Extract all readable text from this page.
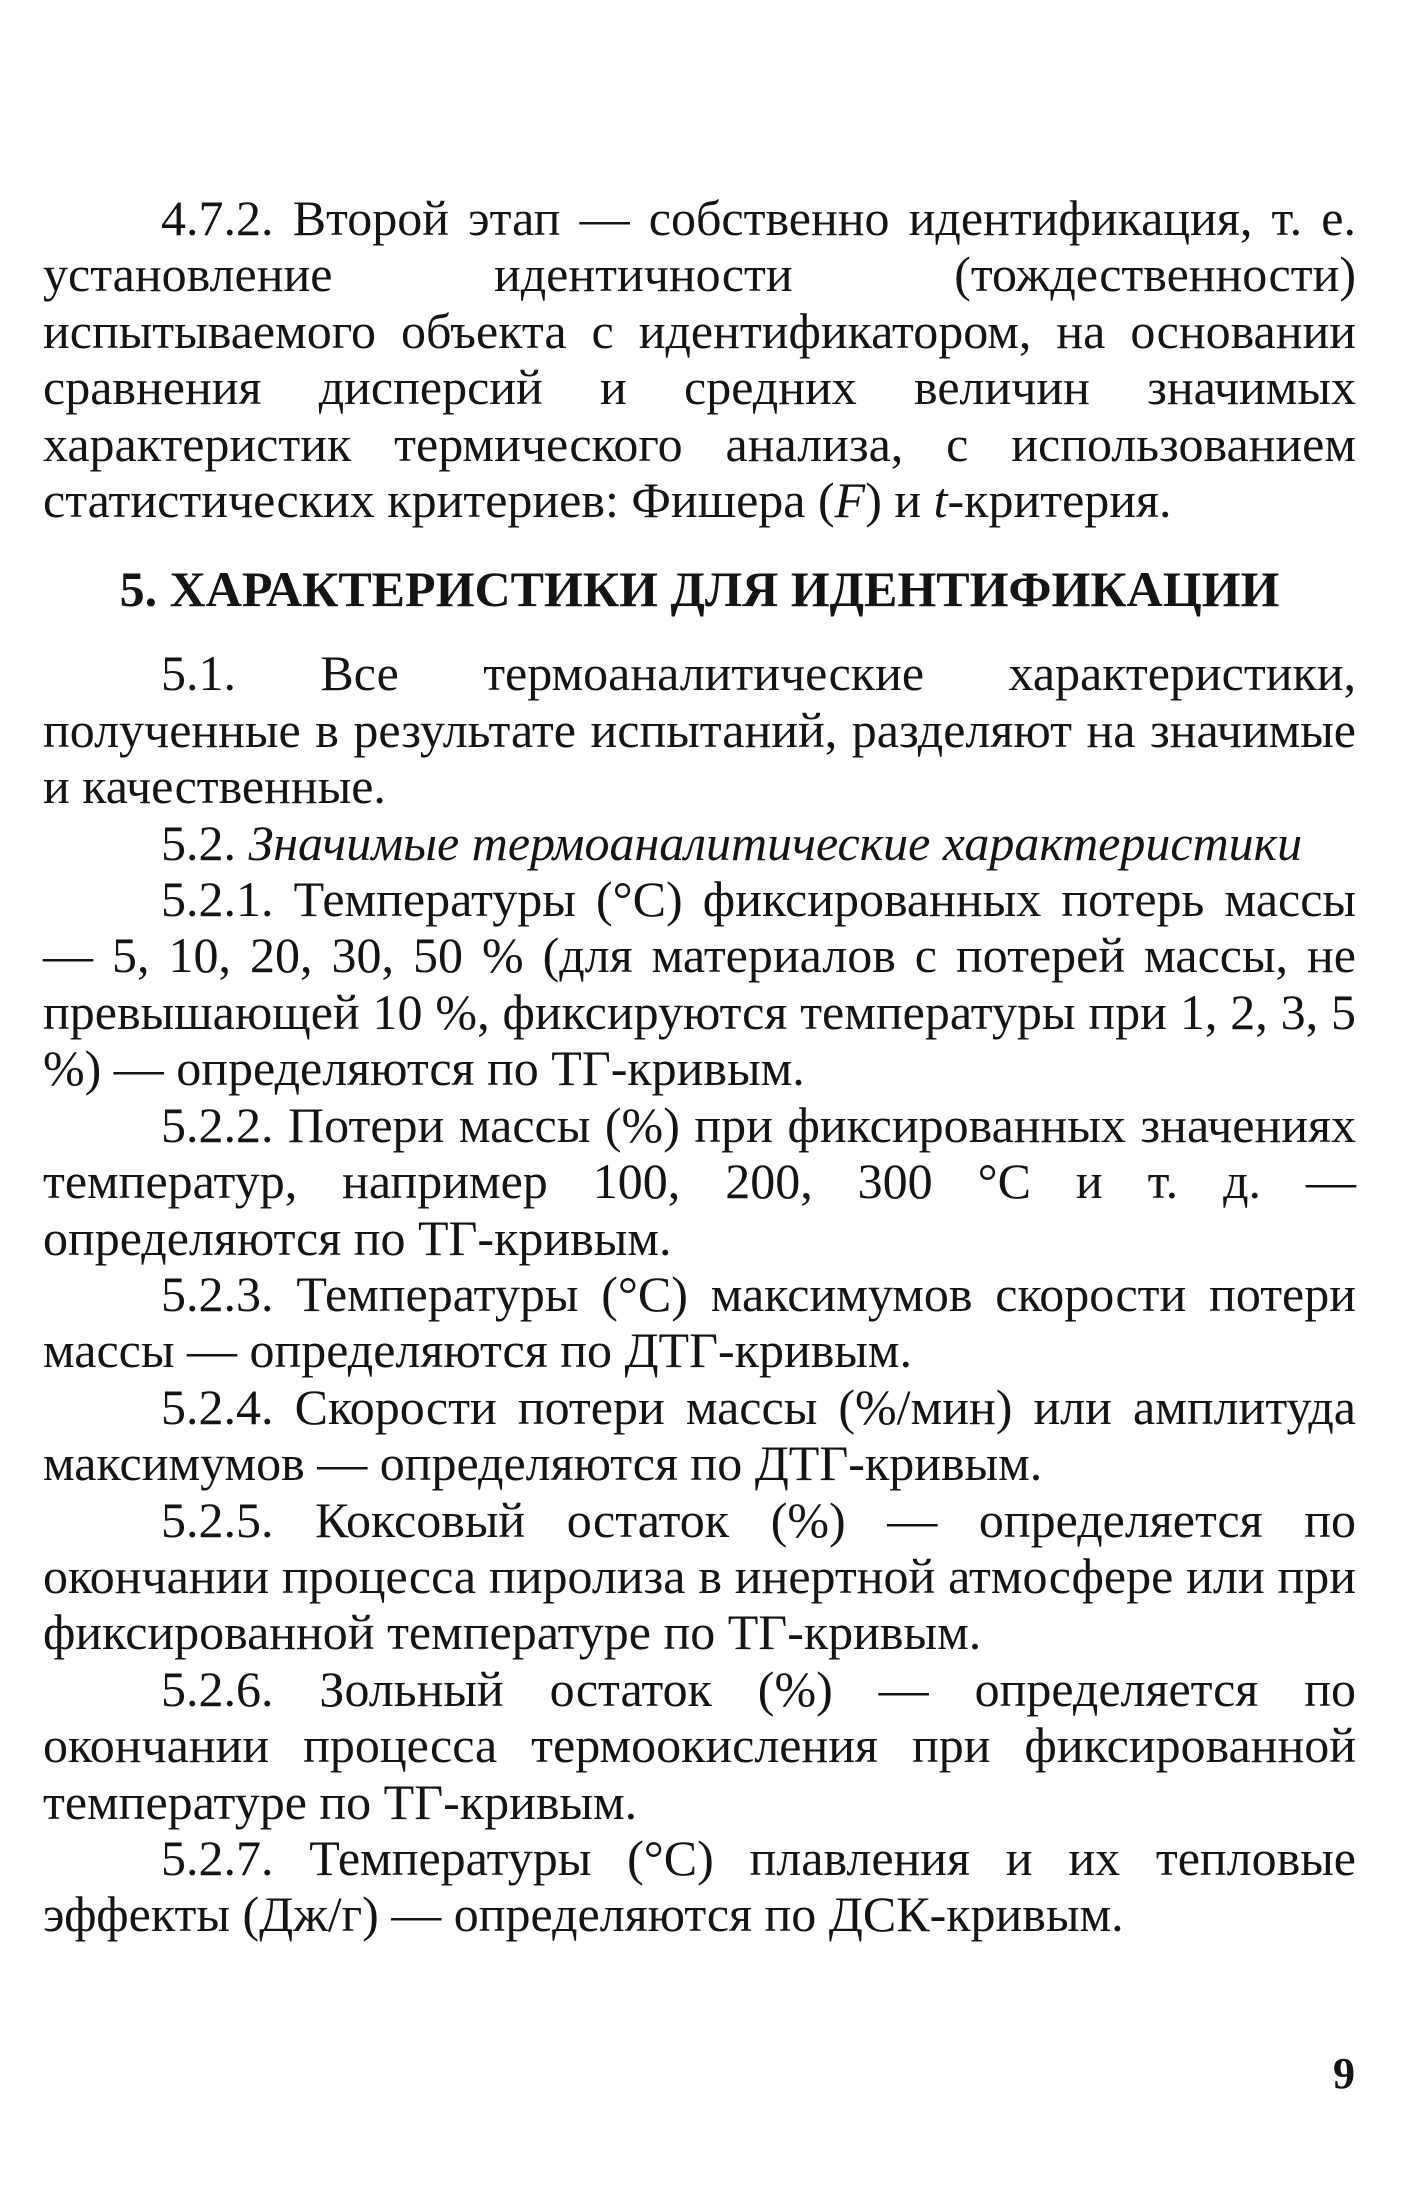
4.7.2. Второй этап — собственно идентификация, т. е. установление идентичности (тождественности) испытываемого объекта с идентификатором, на основании сравнения дисперсий и средних величин значимых характеристик термического анализа, с использованием статистических критериев: Фишера (F) и t-критерия.

5. ХАРАКТЕРИСТИКИ ДЛЯ ИДЕНТИФИКАЦИИ

5.1. Все термоаналитические характеристики, полученные в результате испытаний, разделяют на значимые и качественные.

5.2. Значимые термоаналитические характеристики

5.2.1. Температуры (°С) фиксированных потерь массы — 5, 10, 20, 30, 50 % (для материалов с потерей массы, не превышающей 10 %, фиксируются температуры при 1, 2, 3, 5 %) — определяются по ТГ-кривым.

5.2.2. Потери массы (%) при фиксированных значениях температур, например 100, 200, 300 °С и т. д. — определяются по ТГ-кривым.

5.2.3. Температуры (°С) максимумов скорости потери массы — определяются по ДТГ-кривым.

5.2.4. Скорости потери массы (%/мин) или амплитуда максимумов — определяются по ДТГ-кривым.

5.2.5. Коксовый остаток (%) — определяется по окончании процесса пиролиза в инертной атмосфере или при фиксированной температуре по ТГ-кривым.

5.2.6. Зольный остаток (%) — определяется по окончании процесса термоокисления при фиксированной температуре по ТГ-кривым.

5.2.7. Температуры (°С) плавления и их тепловые эффекты (Дж/г) — определяются по ДСК-кривым.

9
